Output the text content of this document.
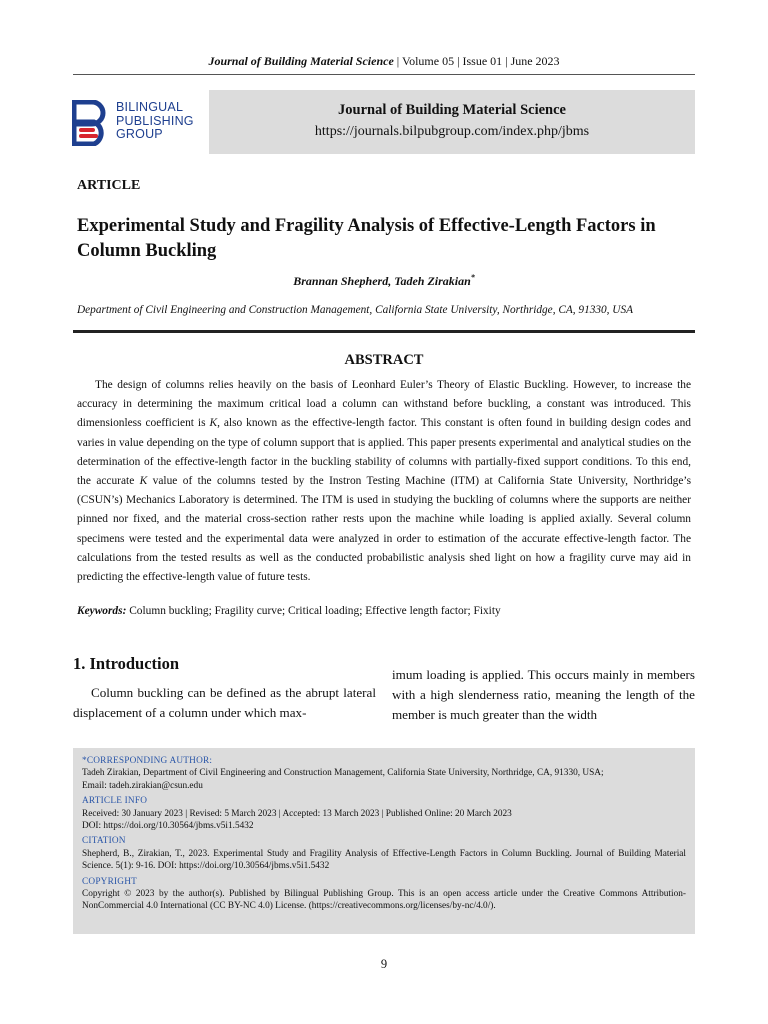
Journal of Building Material Science | Volume 05 | Issue 01 | June 2023
BILINGUAL
PUBLISHING
GROUP
Journal of Building Material Science
https://journals.bilpubgroup.com/index.php/jbms
ARTICLE
Experimental Study and Fragility Analysis of Effective-Length Factors in Column Buckling
Brannan Shepherd, Tadeh Zirakian*
Department of Civil Engineering and Construction Management, California State University, Northridge, CA, 91330, USA
ABSTRACT
The design of columns relies heavily on the basis of Leonhard Euler’s Theory of Elastic Buckling. However, to increase the accuracy in determining the maximum critical load a column can withstand before buckling, a constant was introduced. This dimensionless coefficient is K, also known as the effective-length factor. This constant is often found in building design codes and varies in value depending on the type of column support that is applied. This paper presents experimental and analytical studies on the determination of the effective-length factor in the buckling stability of columns with partially-fixed support conditions. To this end, the accurate K value of the columns tested by the Instron Testing Machine (ITM) at California State University, Northridge’s (CSUN’s) Mechanics Laboratory is determined. The ITM is used in studying the buckling of columns where the supports are neither pinned nor fixed, and the material cross-section rather rests upon the machine while loading is applied axially. Several column specimens were tested and the experimental data were analyzed in order to estimation of the accurate effective-length factor. The calculations from the tested results as well as the conducted probabilistic analysis shed light on how a fragility curve may aid in predicting the effective-length value of future tests.
Keywords: Column buckling; Fragility curve; Critical loading; Effective length factor; Fixity
1. Introduction
Column buckling can be defined as the abrupt lateral displacement of a column under which max-
imum loading is applied. This occurs mainly in members with a high slenderness ratio, meaning the length of the member is much greater than the width
*CORRESPONDING AUTHOR:
Tadeh Zirakian, Department of Civil Engineering and Construction Management, California State University, Northridge, CA, 91330, USA;
Email: tadeh.zirakian@csun.edu
ARTICLE INFO
Received: 30 January 2023 | Revised: 5 March 2023 | Accepted: 13 March 2023 | Published Online: 20 March 2023
DOI: https://doi.org/10.30564/jbms.v5i1.5432
CITATION
Shepherd, B., Zirakian, T., 2023. Experimental Study and Fragility Analysis of Effective-Length Factors in Column Buckling. Journal of Building Material Science. 5(1): 9-16. DOI: https://doi.org/10.30564/jbms.v5i1.5432
COPYRIGHT
Copyright © 2023 by the author(s). Published by Bilingual Publishing Group. This is an open access article under the Creative Commons Attribution-NonCommercial 4.0 International (CC BY-NC 4.0) License. (https://creativecommons.org/licenses/by-nc/4.0/).
9
